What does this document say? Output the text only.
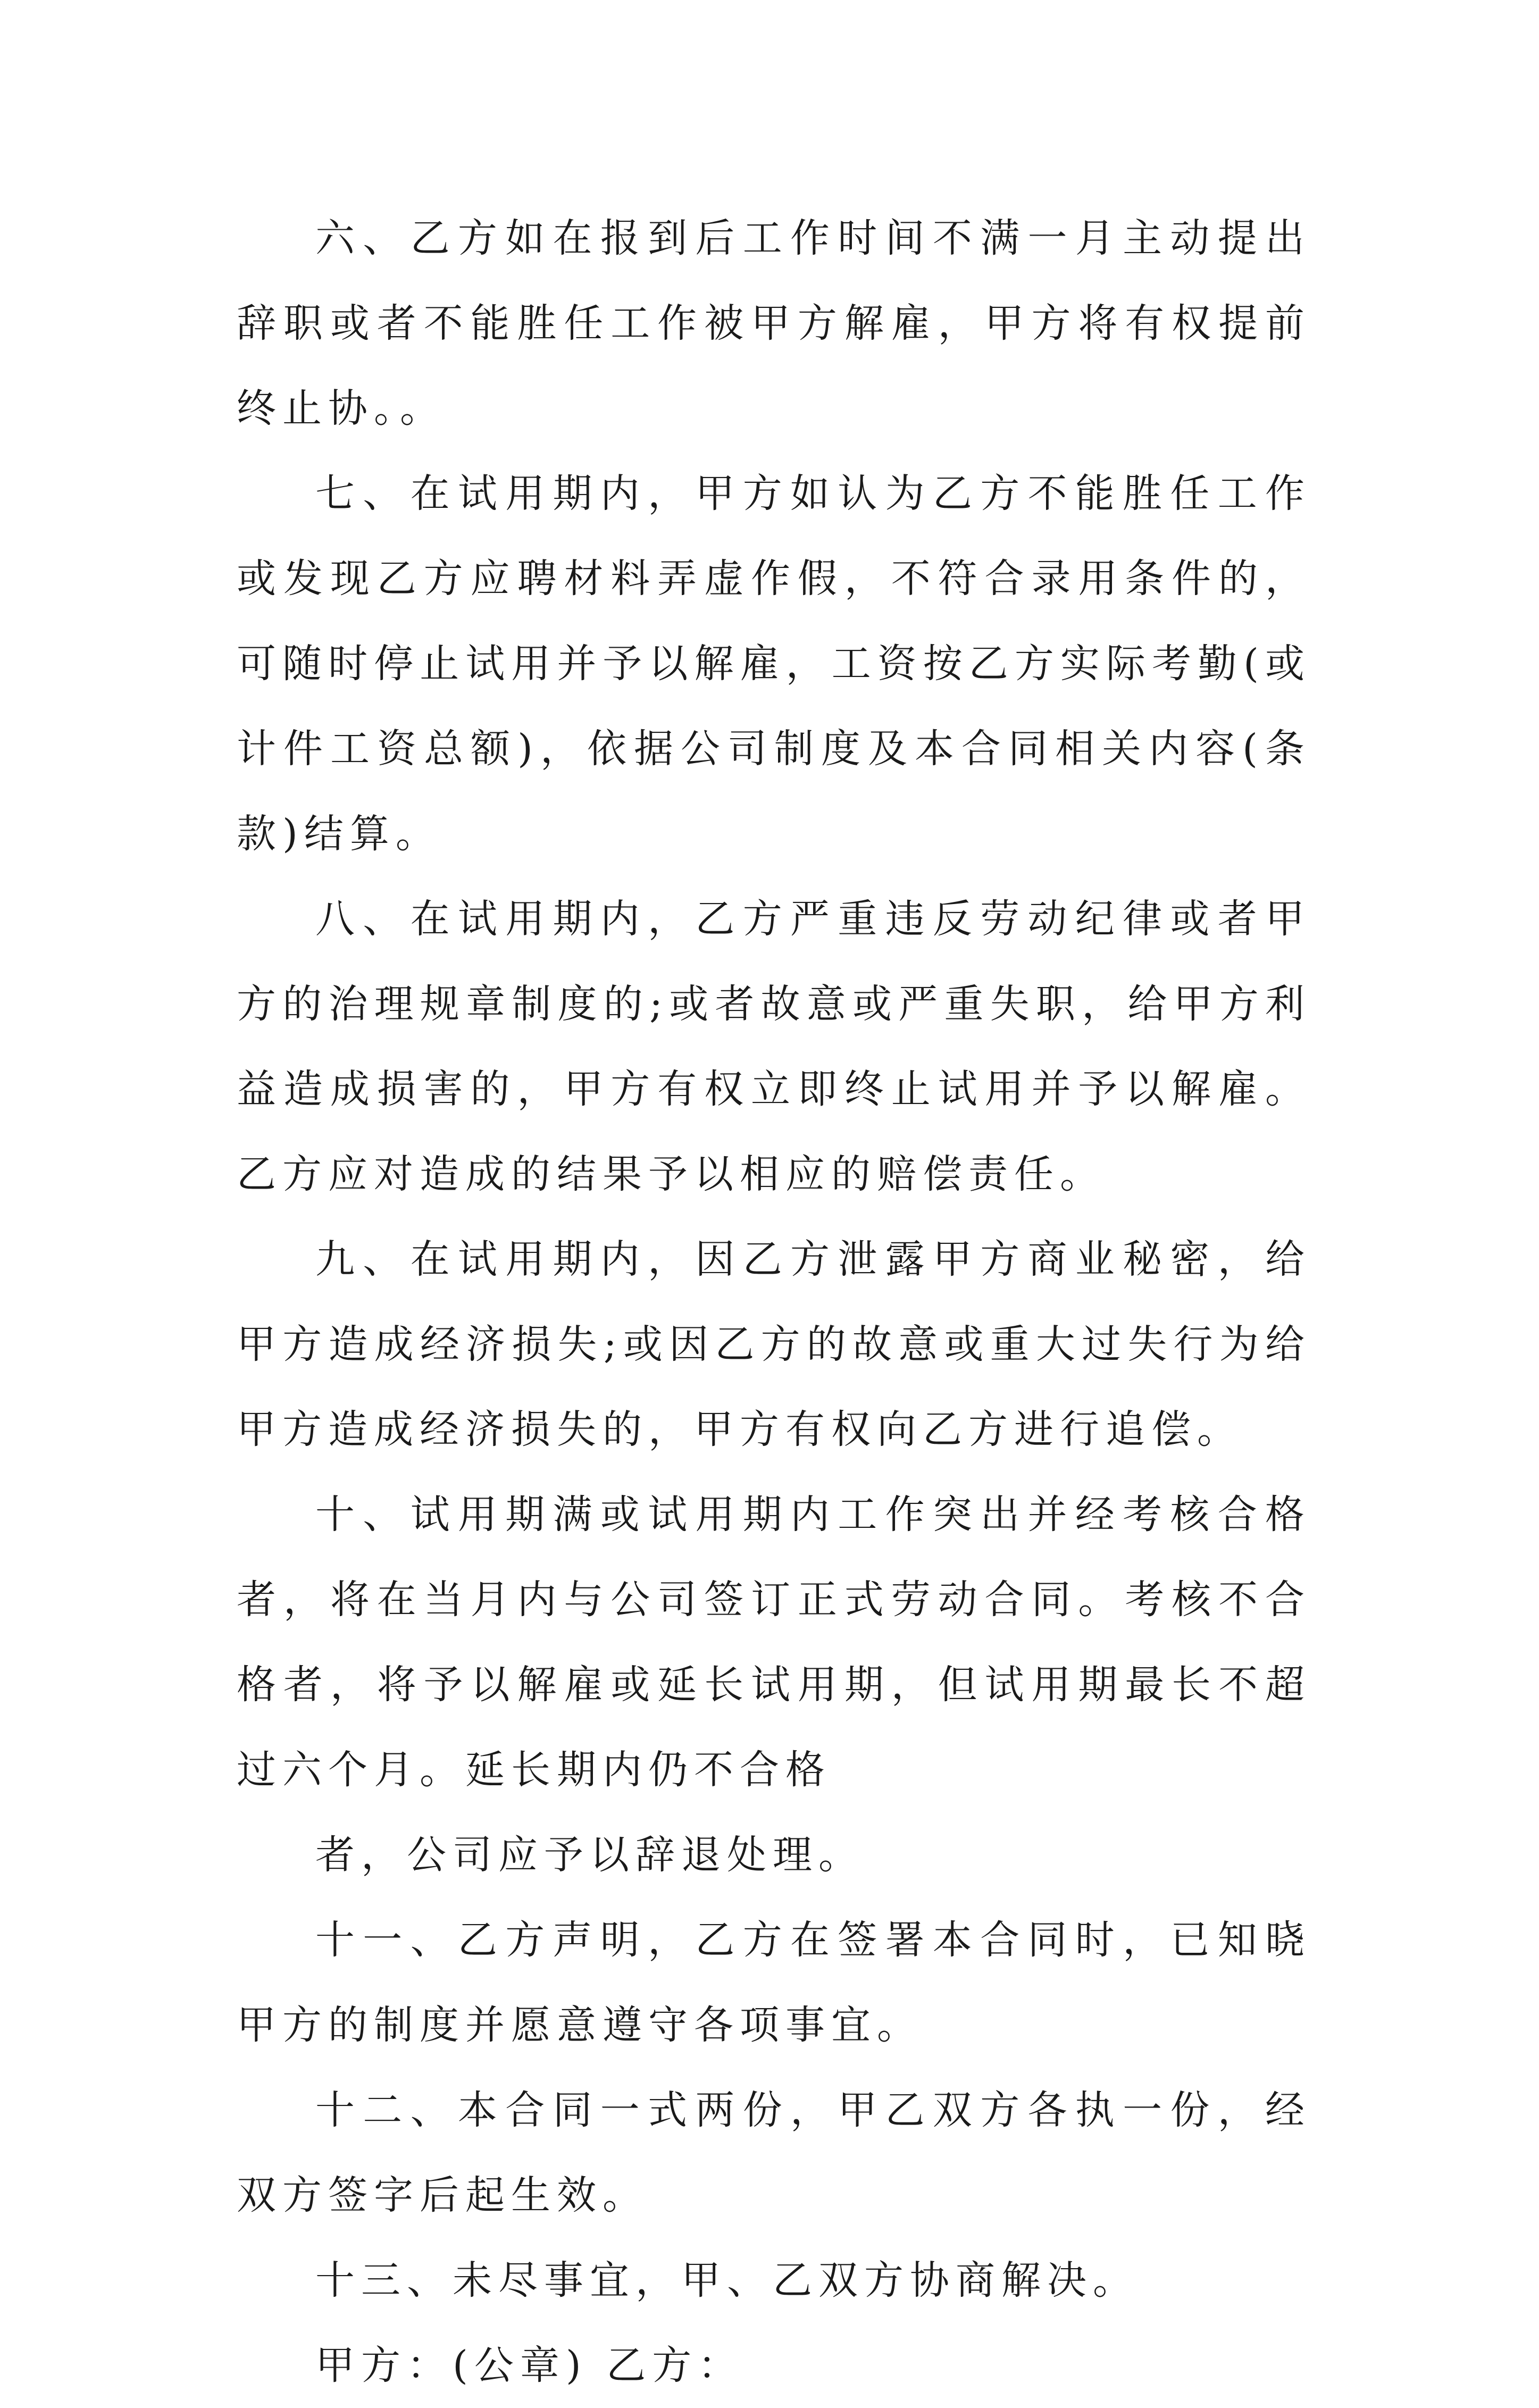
六、乙方如在报到后工作时间不满一月主动提出辞职或者不能胜任工作被甲方解雇，甲方将有权提前终止协。。

七、在试用期内，甲方如认为乙方不能胜任工作或发现乙方应聘材料弄虚作假，不符合录用条件的，可随时停止试用并予以解雇，工资按乙方实际考勤(或计件工资总额)，依据公司制度及本合同相关内容(条款)结算。

八、在试用期内，乙方严重违反劳动纪律或者甲方的治理规章制度的;或者故意或严重失职，给甲方利益造成损害的，甲方有权立即终止试用并予以解雇。乙方应对造成的结果予以相应的赔偿责任。

九、在试用期内，因乙方泄露甲方商业秘密，给甲方造成经济损失;或因乙方的故意或重大过失行为给甲方造成经济损失的，甲方有权向乙方进行追偿。

十、试用期满或试用期内工作突出并经考核合格者，将在当月内与公司签订正式劳动合同。考核不合格者，将予以解雇或延长试用期，但试用期最长不超过六个月。延长期内仍不合格

者，公司应予以辞退处理。

十一、乙方声明，乙方在签署本合同时，已知晓甲方的制度并愿意遵守各项事宜。

十二、本合同一式两份，甲乙双方各执一份，经双方签字后起生效。

十三、未尽事宜，甲、乙双方协商解决。

甲方：(公章) 乙方：
